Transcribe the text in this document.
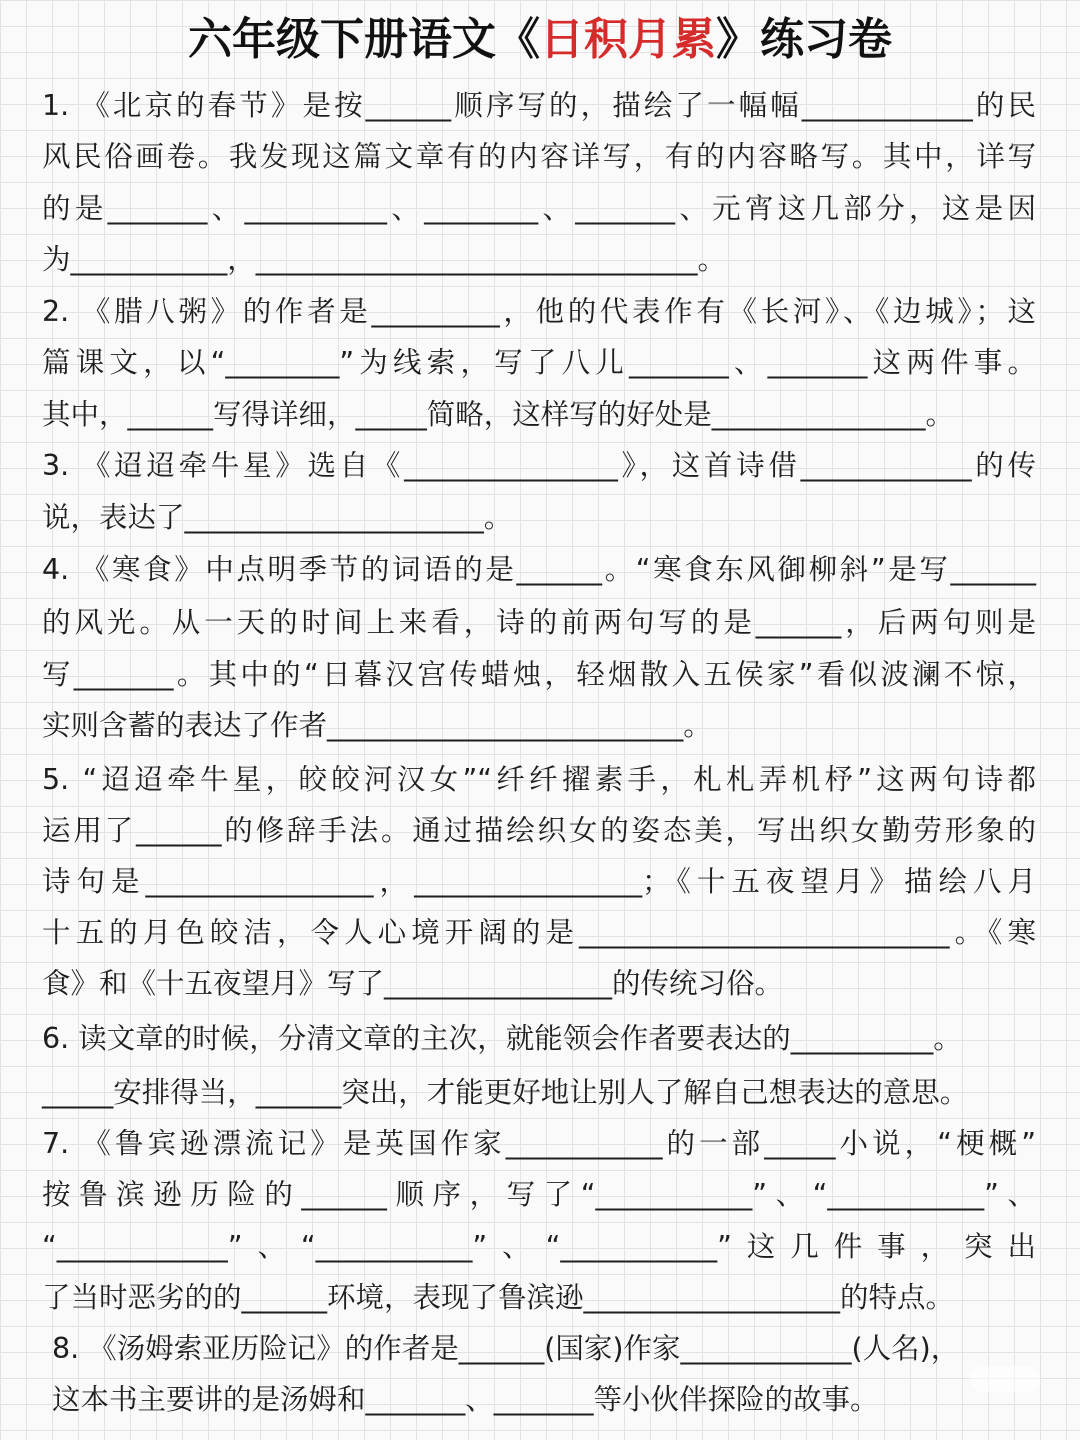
六年级下册语文《日积月累》练习卷
1. 《北京的春节》是按______顺序写的，描绘了一幅幅____________的民
风民俗画卷。我发现这篇文章有的内容详写，有的内容略写。其中，详写
的是_______、__________、________、_______、元宵这几部分，这是因
为___________，_______________________________。
2. 《腊八粥》的作者是_________，他的代表作有《长河》、《边城》；这
篇课文，以“________”为线索，写了八儿_______、_______这两件事。
其中，______写得详细，_____简略，这样写的好处是_______________。
3. 《迢迢牵牛星》选自《_______________》，这首诗借____________的传
说，表达了_____________________。
4. 《寒食》中点明季节的词语的是______。“寒食东风御柳斜”是写______
的风光。从一天的时间上来看，诗的前两句写的是______，后两句则是
写_______。其中的“日暮汉宫传蜡烛，轻烟散入五侯家”看似波澜不惊，
实则含蓄的表达了作者_________________________。
5. “迢迢牵牛星，皎皎河汉女”“纤纤擢素手，札札弄机杼”这两句诗都
运用了______的修辞手法。通过描绘织女的姿态美，写出织女勤劳形象的
诗句是________________，________________；《十五夜望月》描绘八月
十五的月色皎洁，令人心境开阔的是__________________________。《寒
食》和《十五夜望月》写了________________的传统习俗。
6. 读文章的时候，分清文章的主次，就能领会作者要表达的__________。
_____安排得当，______突出，才能更好地让别人了解自己想表达的意思。
7. 《鲁宾逊漂流记》是英国作家___________的一部_____小说，“梗概”
按鲁滨逊历险的______顺序，写了“___________”、“___________”、
“____________”、“___________”、“___________”这几件事，突出
了当时恶劣的的______环境，表现了鲁滨逊__________________的特点。
8. 《汤姆索亚历险记》的作者是______(国家)作家____________(人名)，
这本书主要讲的是汤姆和_______、_______等小伙伴探险的故事。
